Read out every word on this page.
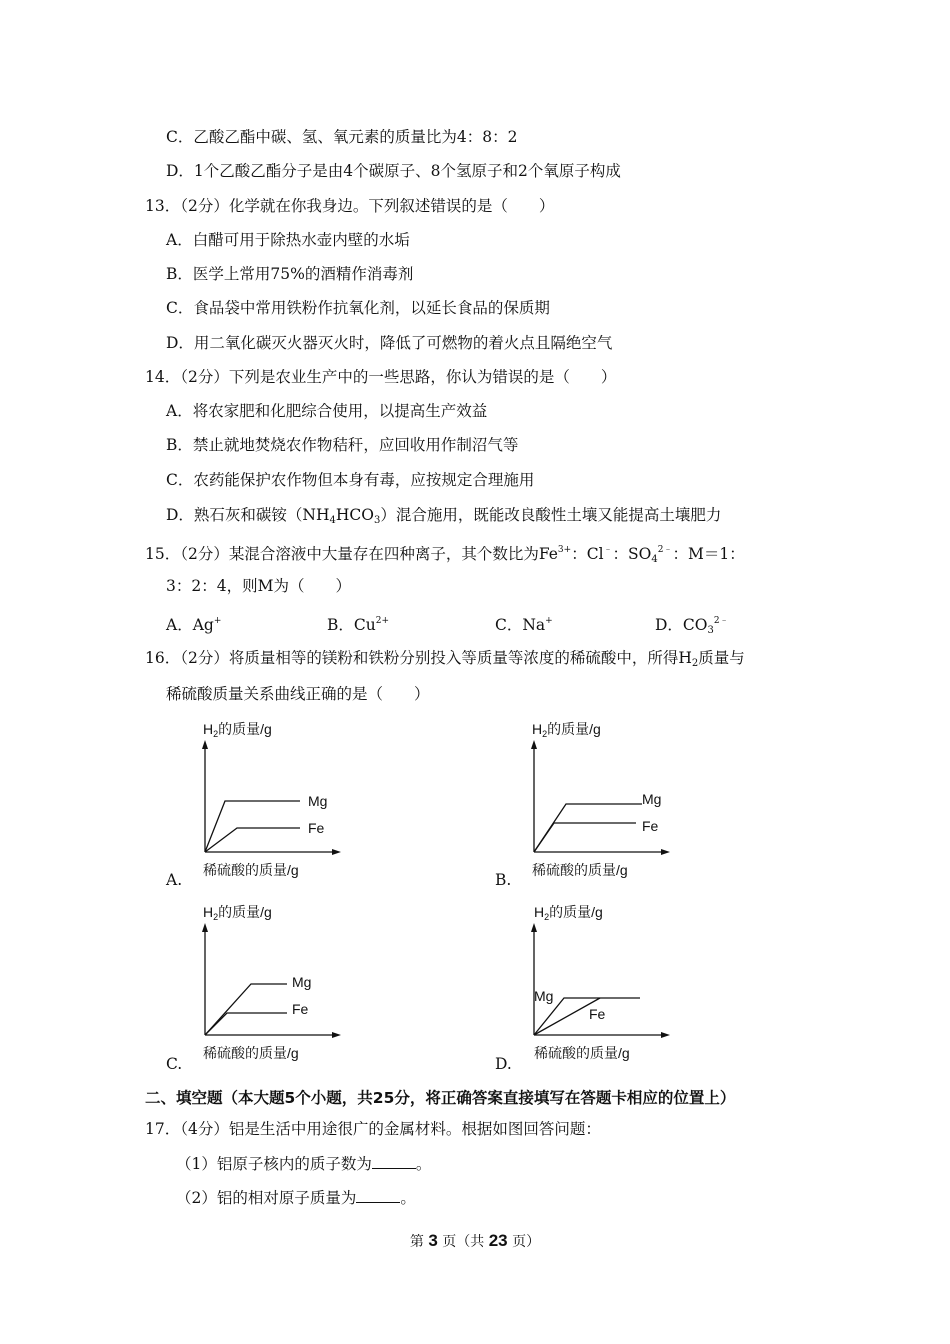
C．乙酸乙酯中碳、氢、氧元素的质量比为4：8：2
D．1个乙酸乙酯分子是由4个碳原子、8个氢原子和2个氧原子构成
13．（2分）化学就在你我身边。下列叙述错误的是（　　）
A．白醋可用于除热水壶内壁的水垢
B．医学上常用75%的酒精作消毒剂
C．食品袋中常用铁粉作抗氧化剂，以延长食品的保质期
D．用二氧化碳灭火器灭火时，降低了可燃物的着火点且隔绝空气
14．（2分）下列是农业生产中的一些思路，你认为错误的是（　　）
A．将农家肥和化肥综合使用，以提高生产效益
B．禁止就地焚烧农作物秸秆，应回收用作制沼气等
C．农药能保护农作物但本身有毒，应按规定合理施用
D．熟石灰和碳铵$(NH_4HCO_3)$混合施用，既能改良酸性土壤又能提高土壤肥力
15．（2分）某混合溶液中大量存在四种离子，其个数比为$Fe^{3+}$：Cl﹣：$SO_4^{2﹣}$：M＝1：
3：2：4，则M为（　　）
A．Ag+	B．$Cu^{2+}$	C．Na+	D．$CO_3^{2﹣}$
16．（2分）将质量相等的镁粉和铁粉分别投入等质量等浓度的稀硫酸中，所得$H_2$质量与
稀硫酸质量关系曲线正确的是（　　）
$H_2$的质量/g
Mg
Fe
稀硫酸的质量/g
A.
$H_2$的质量/g
Mg
Fe
稀硫酸的质量/g
B.
$H_2$的质量/g
Mg
Fe
稀硫酸的质量/g
C.
$H_2$的质量/g
Mg
Fe
稀硫酸的质量/g
D.
二、填空题（本大题5个小题，共25分，将正确答案直接填写在答题卡相应的位置上）
17．（4分）铝是生活中用途很广的金属材料。根据如图回答问题：
（1）铝原子核内的质子数为	。
（2）铝的相对原子质量为	。
第 3 页（共 23 页）
